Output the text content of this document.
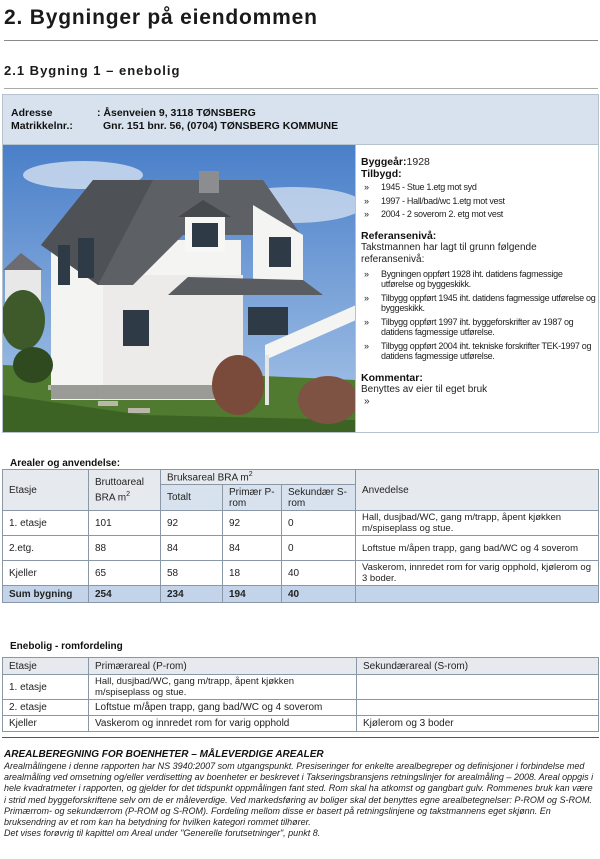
2. Bygninger på eiendommen
2.1 Bygning 1 – enebolig
Adresse	: Åsenveien 9, 3118 TØNSBERG
Matrikkelnr.:	Gnr. 151 bnr. 56, (0704) TØNSBERG KOMMUNE
Byggeår:1928
Tilbygd:
» 1945 - Stue 1.etg mot syd
» 1997 - Hall/bad/wc 1.etg mot vest
» 2004 - 2 soverom 2. etg mot vest
Referansenivå:
Takstmannen har lagt til grunn følgende referansenivå:
» Bygningen oppført 1928 iht. datidens fagmessige utførelse og byggeskikk.
» Tilbygg oppført 1945 iht. datidens fagmessige utførelse og byggeskikk.
» Tilbygg oppført 1997 iht. byggeforskrifter av 1987 og datidens fagmessige utførelse.
» Tilbygg oppført 2004 iht. tekniske forskrifter TEK-1997 og datidens fagmessige utførelse.
Kommentar:
Benyttes av eier til eget bruk
»
Arealer og anvendelse:
Etasje	Bruttoareal BRA $m^2$	Bruksareal BRA $m^2$			Anvedelse
		Totalt	Primær P-rom	Sekundær S-rom	
1. etasje	101	92	92	0	Hall, dusjbad/WC, gang m/trapp, åpent kjøkken m/spiseplass og stue.
2.etg.	88	84	84	0	Loftstue m/åpen trapp, gang bad/WC og 4 soverom
Kjeller	65	58	18	40	Vaskerom, innredet rom for varig opphold, kjølerom og 3 boder.
Sum bygning	254	234	194	40	
Enebolig - romfordeling
Etasje	Primærareal (P-rom)	Sekundærareal (S-rom)
1. etasje	Hall, dusjbad/WC, gang m/trapp, åpent kjøkken m/spiseplass og stue.	
2. etasje	Loftstue m/åpen trapp, gang bad/WC og 4 soverom	
Kjeller	Vaskerom og innredet rom for varig opphold	Kjølerom og 3 boder
AREALBEREGNING FOR BOENHETER – MÅLEVERDIGE AREALER
Arealmålingene i denne rapporten har NS 3940:2007 som utgangspunkt. Presiseringer for enkelte arealbegreper og definisjoner i forbindelse med arealmåling ved omsetning og/eller verdisetting av boenheter er beskrevet i Takseringsbransjens retningslinjer for arealmåling – 2008. Areal oppgis i hele kvadratmeter i rapporten, og gjelder for det tidspunkt oppmålingen fant sted. Rom skal ha atkomst og gangbart gulv. Rommenes bruk kan være i strid med byggeforskriftene selv om de er måleverdige. Ved markedsføring av boliger skal det benyttes egne arealbetegnelser: P-ROM og S-ROM. Primærrom- og sekundærrom (P-ROM og S-ROM). Fordeling mellom disse er basert på retningslinjene og takstmannens eget skjønn. En bruksendring av et rom kan ha betydning for hvilken kategori rommet tilhører.
Det vises forøvrig til kapittel om Areal under "Generelle forutsetninger", punkt 8.
